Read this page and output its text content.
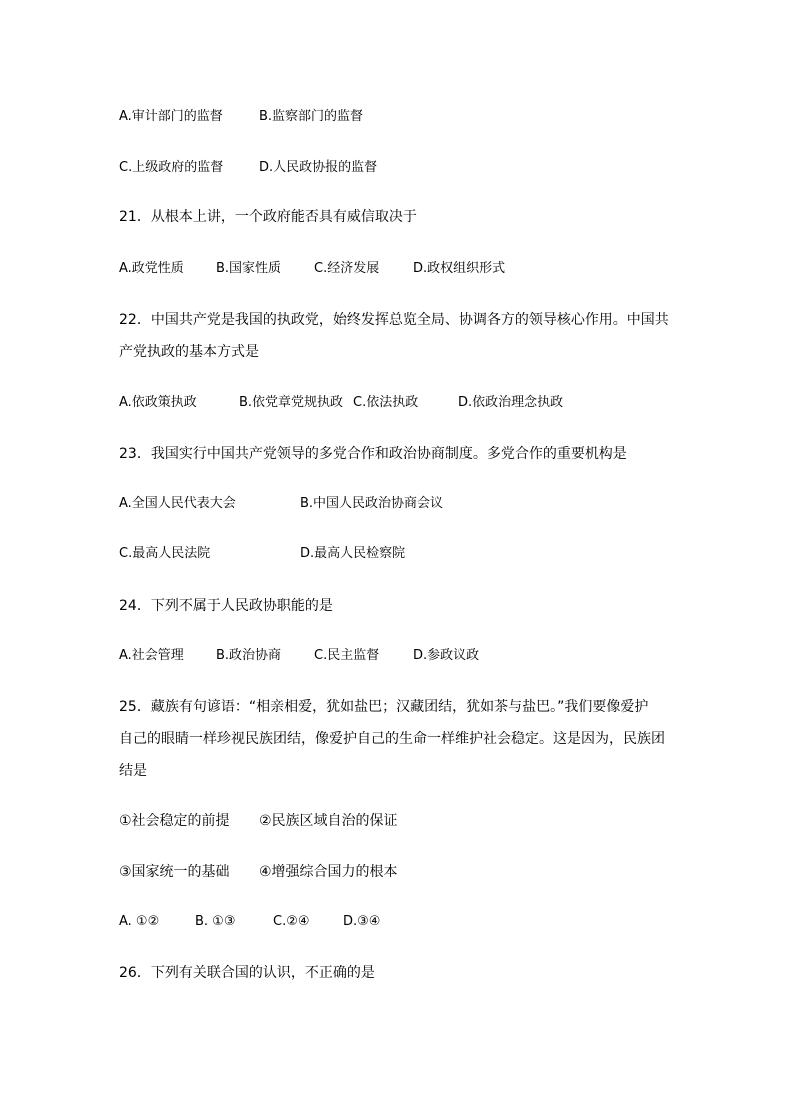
A.审计部门的监督	B.监察部门的监督
C.上级政府的监督	D.人民政协报的监督
21．从根本上讲，一个政府能否具有威信取决于
A.政党性质 B.国家性质	C.经济发展	D.政权组织形式
22．中国共产党是我国的执政党，始终发挥总览全局、协调各方的领导核心作用。中国共
产党执政的基本方式是
A.依政策执政	B.依党章党规执政 C.依法执政	D.依政治理念执政
23．我国实行中国共产党领导的多党合作和政治协商制度。多党合作的重要机构是
A.全国人民代表大会	B.中国人民政治协商会议
C.最高人民法院	D.最高人民检察院
24．下列不属于人民政协职能的是
A.社会管理 B.政治协商	C.民主监督	D.参政议政
25．藏族有句谚语：“相亲相爱，犹如盐巴；汉藏团结，犹如茶与盐巴。”我们要像爱护
自己的眼睛一样珍视民族团结，像爱护自己的生命一样维护社会稳定。这是因为，民族团
结是
①社会稳定的前提 ②民族区域自治的保证
③国家统一的基础 ④增强综合国力的根本
A. ①②	B. ①③	C.②④	D.③④
26．下列有关联合国的认识，不正确的是
